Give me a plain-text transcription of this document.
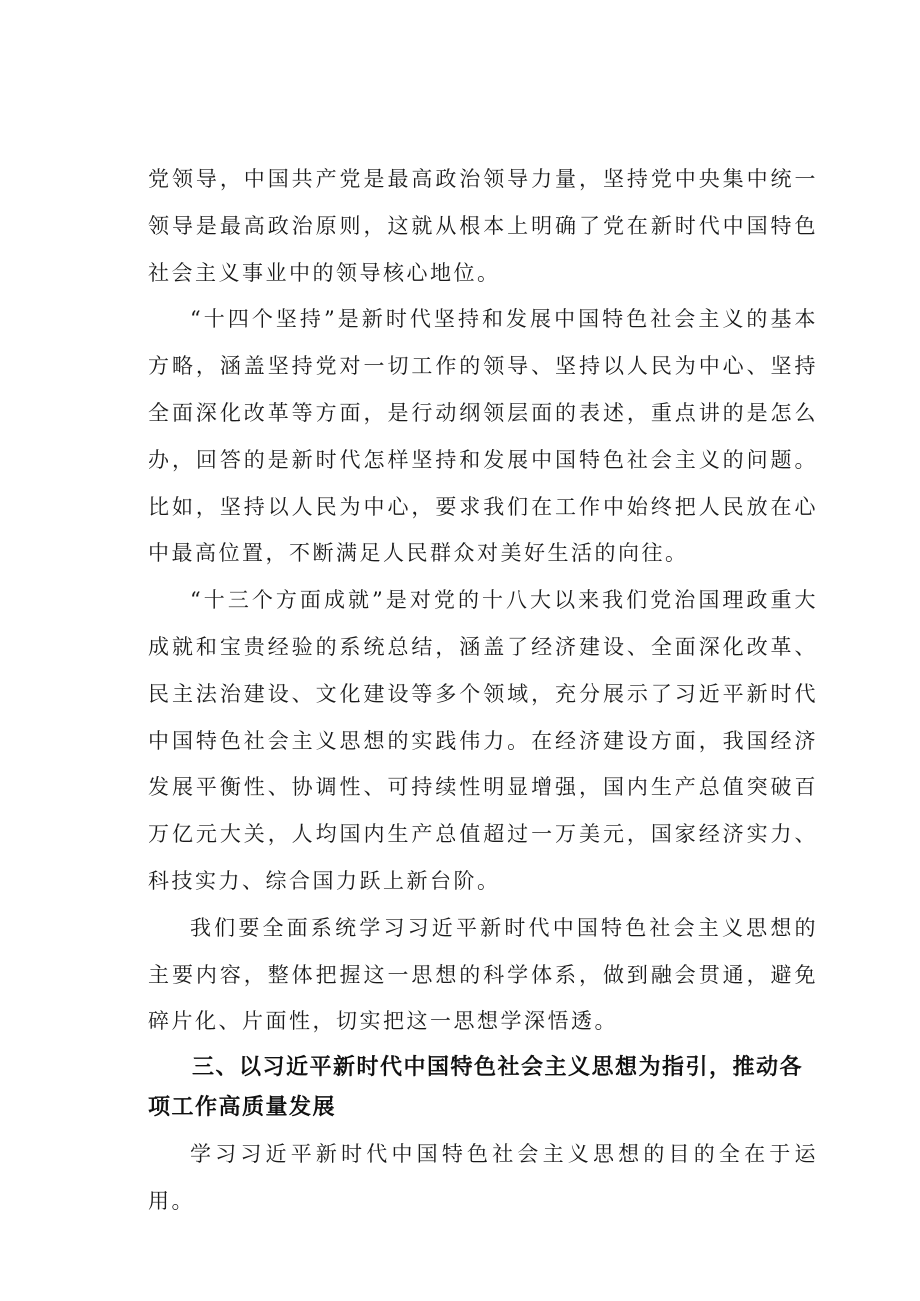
党领导，中国共产党是最高政治领导力量，坚持党中央集中统一领导是最高政治原则，这就从根本上明确了党在新时代中国特色社会主义事业中的领导核心地位。

“十四个坚持”是新时代坚持和发展中国特色社会主义的基本方略，涵盖坚持党对一切工作的领导、坚持以人民为中心、坚持全面深化改革等方面，是行动纲领层面的表述，重点讲的是怎么办，回答的是新时代怎样坚持和发展中国特色社会主义的问题。比如，坚持以人民为中心，要求我们在工作中始终把人民放在心中最高位置，不断满足人民群众对美好生活的向往。

“十三个方面成就”是对党的十八大以来我们党治国理政重大成就和宝贵经验的系统总结，涵盖了经济建设、全面深化改革、民主法治建设、文化建设等多个领域，充分展示了习近平新时代中国特色社会主义思想的实践伟力。在经济建设方面，我国经济发展平衡性、协调性、可持续性明显增强，国内生产总值突破百万亿元大关，人均国内生产总值超过一万美元，国家经济实力、科技实力、综合国力跃上新台阶。

我们要全面系统学习习近平新时代中国特色社会主义思想的主要内容，整体把握这一思想的科学体系，做到融会贯通，避免碎片化、片面性，切实把这一思想学深悟透。

三、以习近平新时代中国特色社会主义思想为指引，推动各项工作高质量发展

学习习近平新时代中国特色社会主义思想的目的全在于运用。
